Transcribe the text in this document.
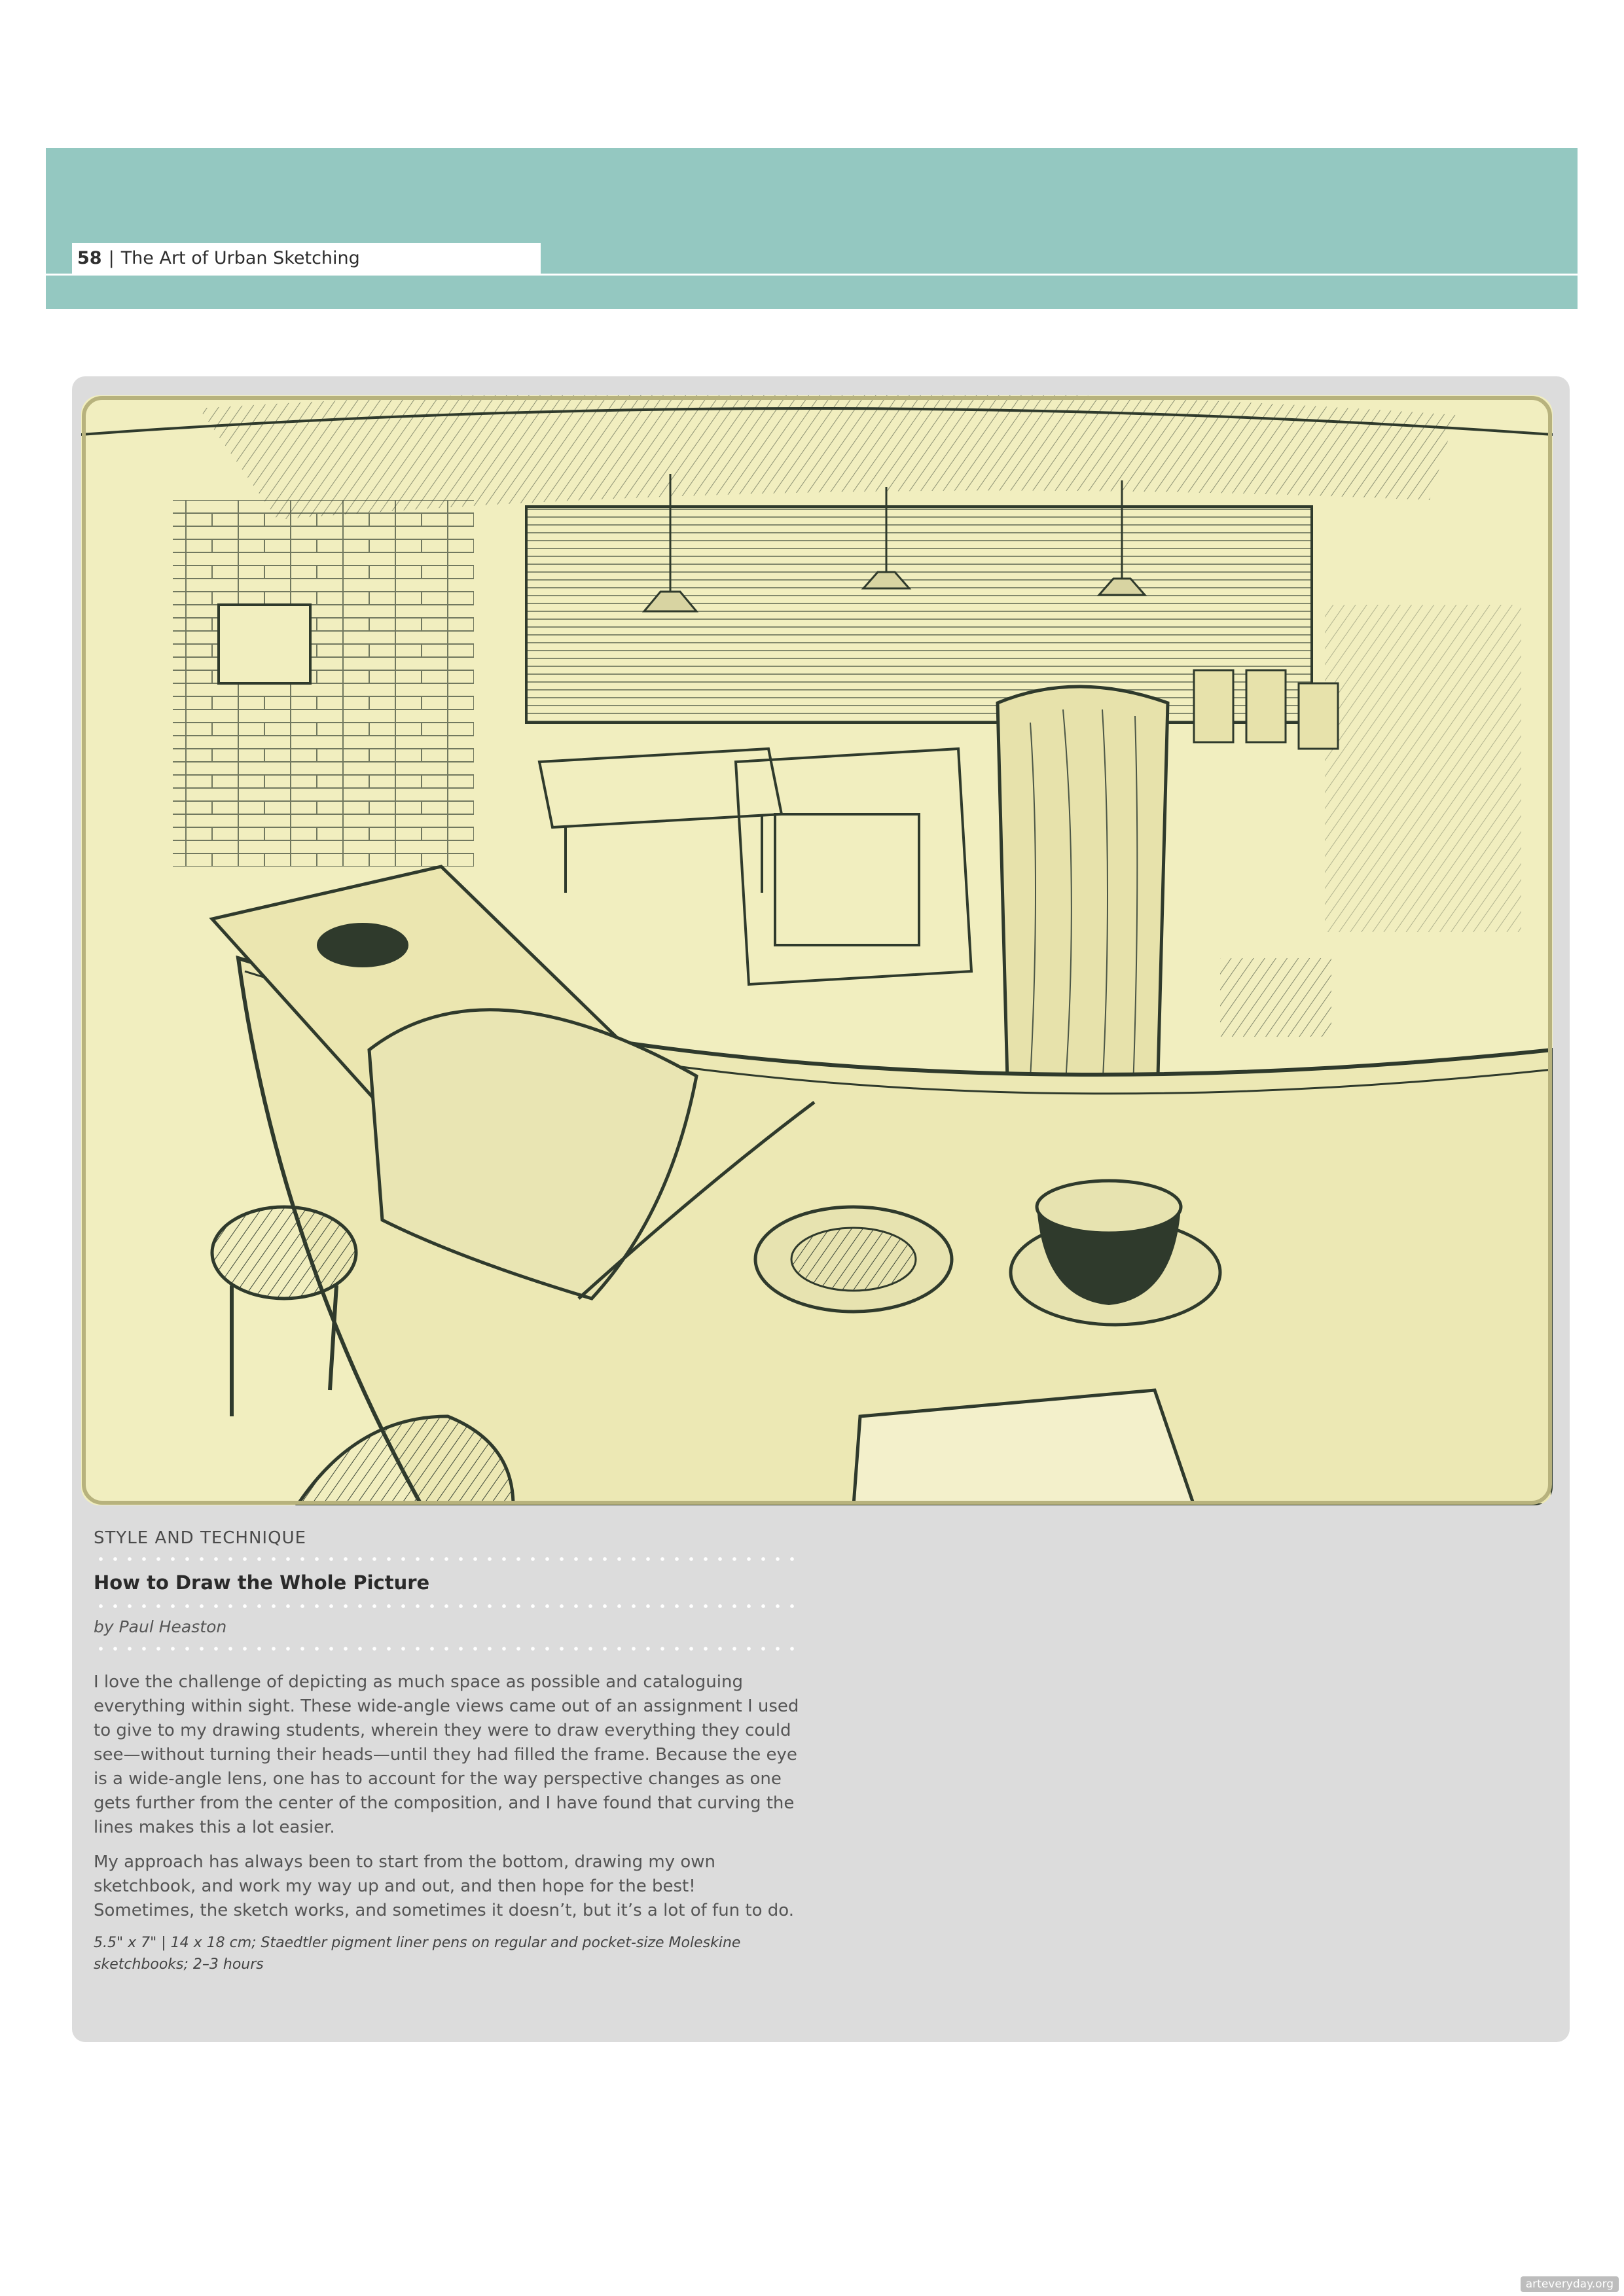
58 | The Art of Urban Sketching
STYLE AND TECHNIQUE
How to Draw the Whole Picture
by Paul Heaston

I love the challenge of depicting as much space as possible and cataloguing everything within sight. These wide-angle views came out of an assignment I used to give to my drawing students, wherein they were to draw everything they could see—without turning their heads—until they had filled the frame. Because the eye is a wide-angle lens, one has to account for the way perspective changes as one gets further from the center of the composition, and I have found that curving the lines makes this a lot easier.

My approach has always been to start from the bottom, drawing my own sketchbook, and work my way up and out, and then hope for the best! Sometimes, the sketch works, and sometimes it doesn’t, but it’s a lot of fun to do.

5.5" x 7" | 14 x 18 cm; Staedtler pigment liner pens on regular and pocket-size Moleskine sketchbooks; 2–3 hours
arteveryday.org
